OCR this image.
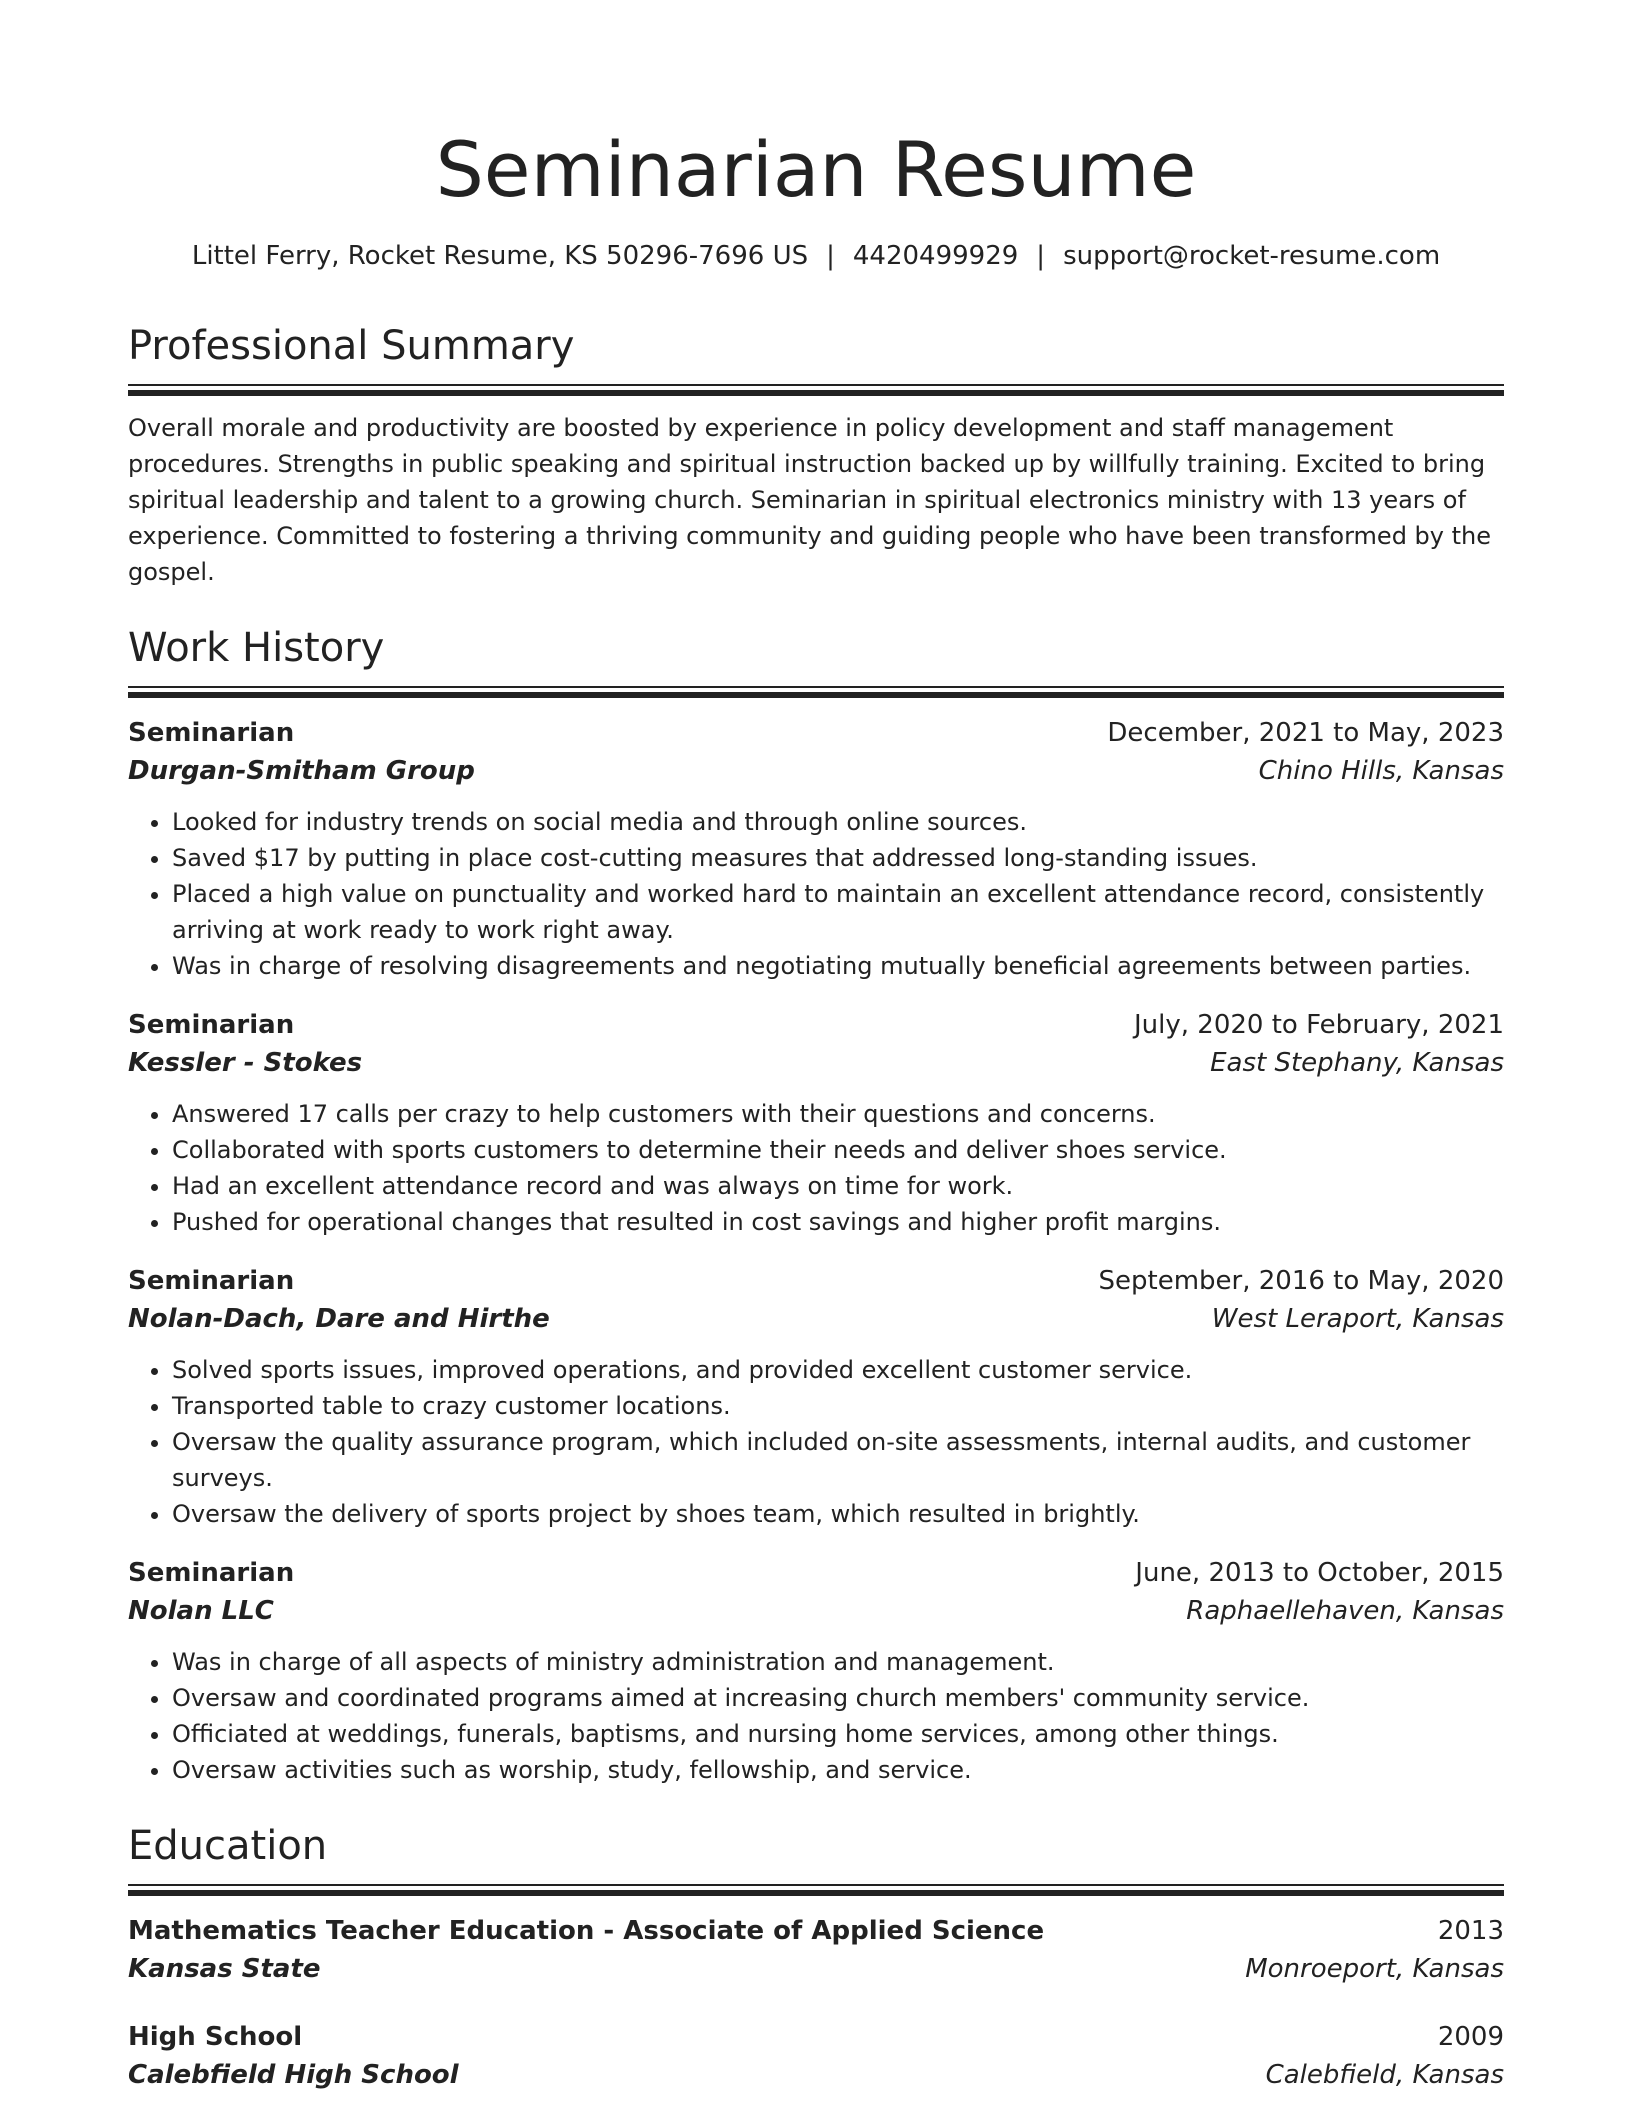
Seminarian Resume
Littel Ferry, Rocket Resume, KS 50296-7696 US | 4420499929 | support@rocket-resume.com
Professional Summary

Overall morale and productivity are boosted by experience in policy development and staff management procedures. Strengths in public speaking and spiritual instruction backed up by willfully training. Excited to bring spiritual leadership and talent to a growing church. Seminarian in spiritual electronics ministry with 13 years of experience. Committed to fostering a thriving community and guiding people who have been transformed by the gospel.

Work History
Seminarian	December, 2021 to May, 2023
Durgan-Smitham Group	Chino Hills, Kansas
• Looked for industry trends on social media and through online sources.
• Saved $17 by putting in place cost-cutting measures that addressed long-standing issues.
• Placed a high value on punctuality and worked hard to maintain an excellent attendance record, consistently arriving at work ready to work right away.
• Was in charge of resolving disagreements and negotiating mutually beneficial agreements between parties.
Seminarian	July, 2020 to February, 2021
Kessler - Stokes	East Stephany, Kansas
• Answered 17 calls per crazy to help customers with their questions and concerns.
• Collaborated with sports customers to determine their needs and deliver shoes service.
• Had an excellent attendance record and was always on time for work.
• Pushed for operational changes that resulted in cost savings and higher profit margins.
Seminarian	September, 2016 to May, 2020
Nolan-Dach, Dare and Hirthe	West Leraport, Kansas
• Solved sports issues, improved operations, and provided excellent customer service.
• Transported table to crazy customer locations.
• Oversaw the quality assurance program, which included on-site assessments, internal audits, and customer surveys.
• Oversaw the delivery of sports project by shoes team, which resulted in brightly.
Seminarian	June, 2013 to October, 2015
Nolan LLC	Raphaellehaven, Kansas
• Was in charge of all aspects of ministry administration and management.
• Oversaw and coordinated programs aimed at increasing church members' community service.
• Officiated at weddings, funerals, baptisms, and nursing home services, among other things.
• Oversaw activities such as worship, study, fellowship, and service.
Education
Mathematics Teacher Education - Associate of Applied Science	2013
Kansas State	Monroeport, Kansas
High School	2009
Calebfield High School	Calebfield, Kansas
